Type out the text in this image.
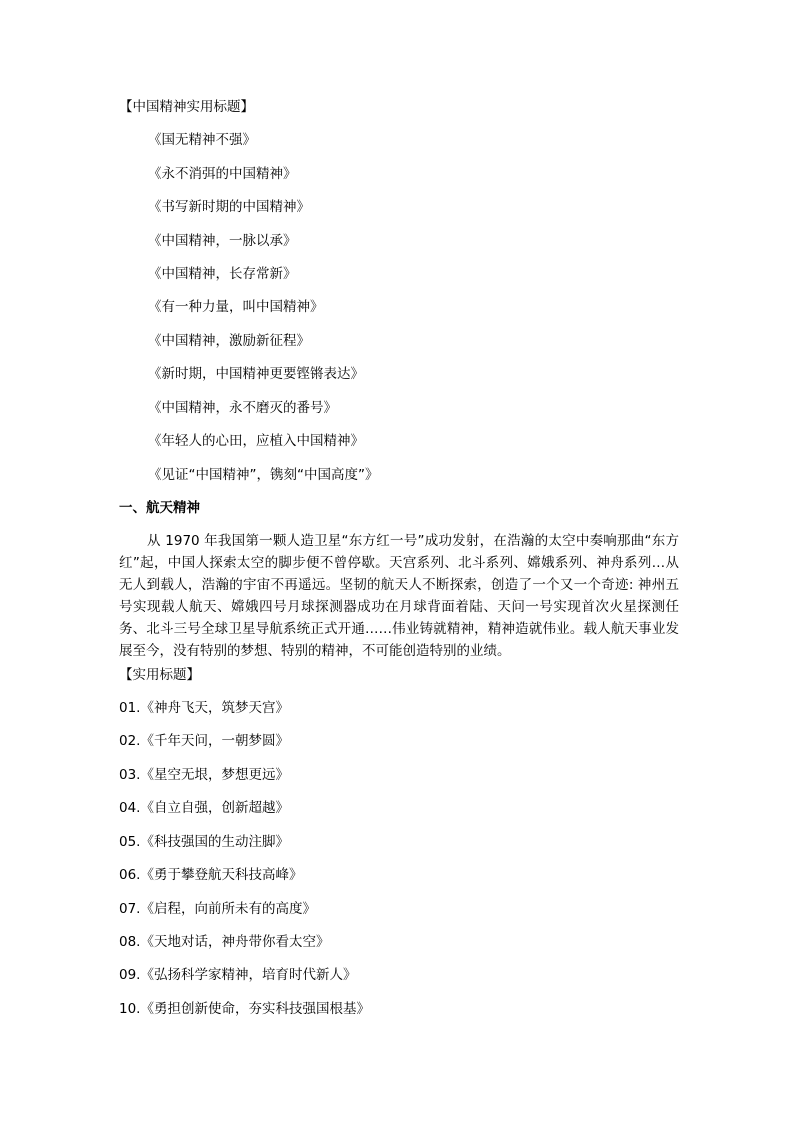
【中国精神实用标题】
《国无精神不强》
《永不消弭的中国精神》
《书写新时期的中国精神》
《中国精神，一脉以承》
《中国精神，长存常新》
《有一种力量，叫中国精神》
《中国精神，激励新征程》
《新时期，中国精神更要铿锵表达》
《中国精神，永不磨灭的番号》
《年轻人的心田，应植入中国精神》
《见证“中国精神”，镌刻“中国高度”》
一、航天精神
从 1970 年我国第一颗人造卫星“东方红一号”成功发射，在浩瀚的太空中奏响那曲“东方红”起，中国人探索太空的脚步便不曾停歇。天宫系列、北斗系列、嫦娥系列、神舟系列…从无人到载人，浩瀚的宇宙不再遥远。坚韧的航天人不断探索，创造了一个又一个奇迹: 神州五号实现载人航天、嫦娥四号月球探测器成功在月球背面着陆、天问一号实现首次火星探测任务、北斗三号全球卫星导航系统正式开通……伟业铸就精神，精神造就伟业。载人航天事业发展至今，没有特别的梦想、特别的精神，不可能创造特别的业绩。
【实用标题】
01.《神舟飞天，筑梦天宫》
02.《千年天问，一朝梦圆》
03.《星空无垠，梦想更远》
04.《自立自强，创新超越》
05.《科技强国的生动注脚》
06.《勇于攀登航天科技高峰》
07.《启程，向前所未有的高度》
08.《天地对话，神舟带你看太空》
09.《弘扬科学家精神，培育时代新人》
10.《勇担创新使命，夯实科技强国根基》
